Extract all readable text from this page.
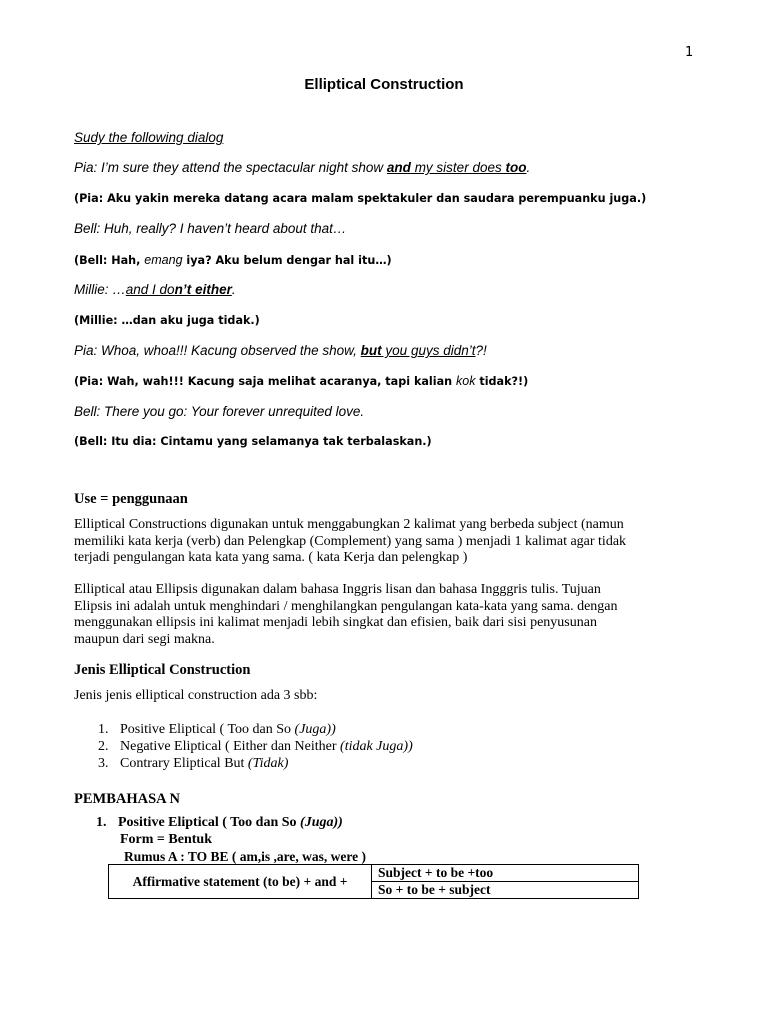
1
Elliptical Construction
Sudy the following dialog
Pia: I’m sure they attend the spectacular night show and my sister does too.
(Pia: Aku yakin mereka datang acara malam spektakuler dan saudara perempuanku juga.)
Bell: Huh, really? I haven’t heard about that…
(Bell: Hah, emang iya? Aku belum dengar hal itu…)
Millie: …and I don’t either.
(Millie: …dan aku juga tidak.)
Pia: Whoa, whoa!!! Kacung observed the show, but you guys didn’t?!
(Pia: Wah, wah!!! Kacung saja melihat acaranya, tapi kalian kok tidak?!)
Bell: There you go: Your forever unrequited love.
(Bell: Itu dia: Cintamu yang selamanya tak terbalaskan.)
Use = penggunaan
Elliptical Constructions digunakan untuk menggabungkan 2 kalimat yang berbeda subject (namun
memiliki kata kerja (verb) dan Pelengkap (Complement) yang sama ) menjadi 1 kalimat agar tidak
terjadi pengulangan kata kata yang sama. ( kata Kerja dan pelengkap )
Elliptical atau Ellipsis digunakan dalam bahasa Inggris lisan dan bahasa Ingggris tulis. Tujuan
Elipsis ini adalah untuk menghindari / menghilangkan pengulangan kata-kata yang sama. dengan
menggunakan ellipsis ini kalimat menjadi lebih singkat dan efisien, baik dari sisi penyusunan
maupun dari segi makna.
Jenis Elliptical Construction
Jenis jenis elliptical construction ada 3 sbb:
1. Positive Eliptical ( Too dan So (Juga))
2. Negative Eliptical ( Either dan Neither (tidak Juga))
3. Contrary Eliptical But (Tidak)
PEMBAHASA N
1. Positive Eliptical ( Too dan So (Juga))
Form = Bentuk
Rumus A : TO BE ( am,is ,are, was, were )
Affirmative statement (to be) + and +	Subject + to be +too
So + to be + subject
